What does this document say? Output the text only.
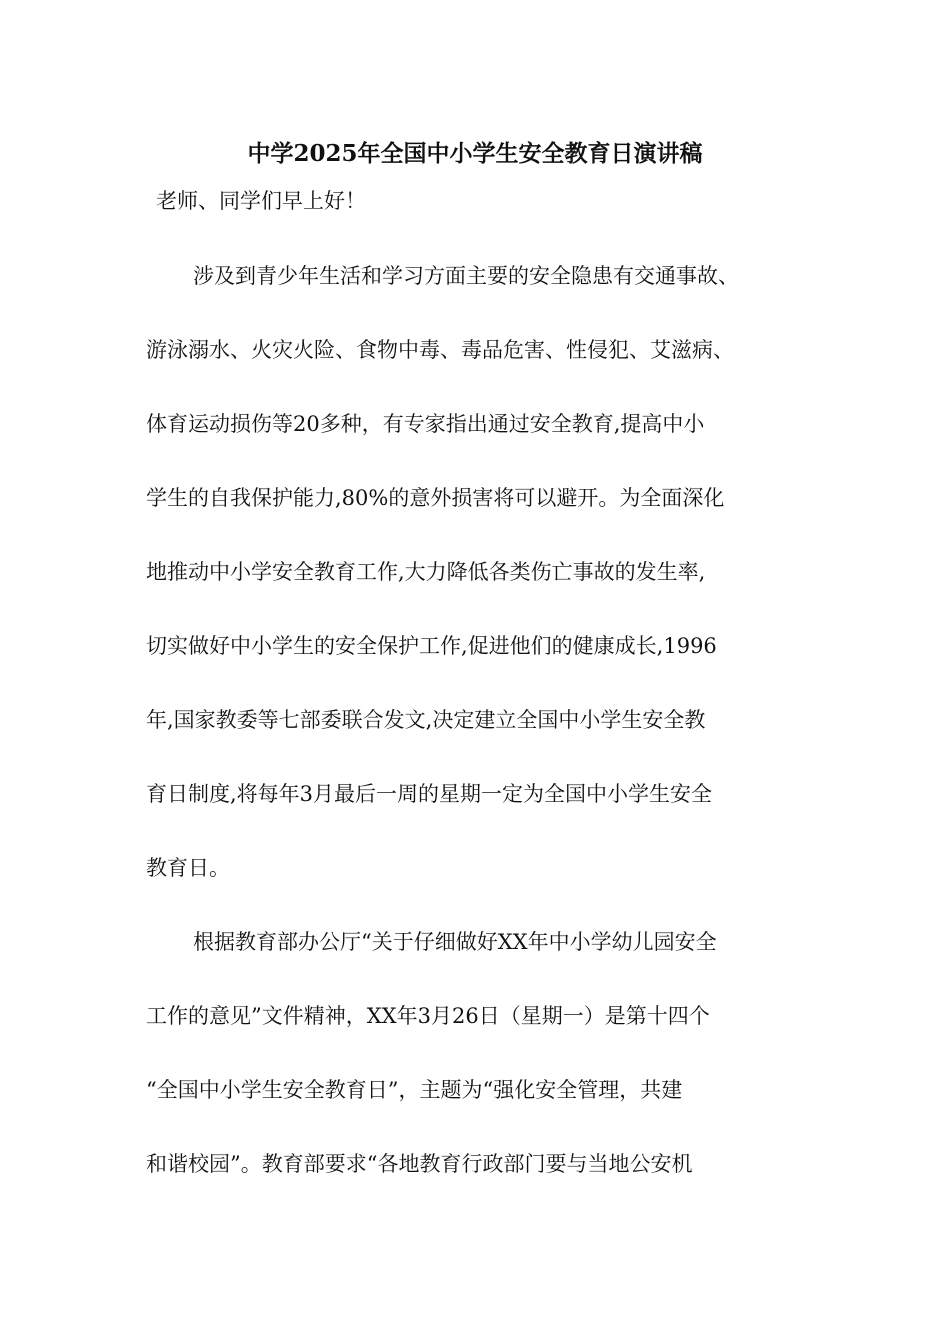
中学2025年全国中小学生安全教育日演讲稿
老师、同学们早上好！
涉及到青少年生活和学习方面主要的安全隐患有交通事故、
游泳溺水、火灾火险、食物中毒、毒品危害、性侵犯、艾滋病、
体育运动损伤等20多种，有专家指出通过安全教育,提高中小
学生的自我保护能力,80%的意外损害将可以避开。为全面深化
地推动中小学安全教育工作,大力降低各类伤亡事故的发生率,
切实做好中小学生的安全保护工作,促进他们的健康成长,1996
年,国家教委等七部委联合发文,决定建立全国中小学生安全教
育日制度,将每年3月最后一周的星期一定为全国中小学生安全
教育日。
根据教育部办公厅“关于仔细做好XX年中小学幼儿园安全
工作的意见”文件精神，XX年3月26日（星期一）是第十四个
“全国中小学生安全教育日”，主题为“强化安全管理，共建
和谐校园”。教育部要求“各地教育行政部门要与当地公安机
